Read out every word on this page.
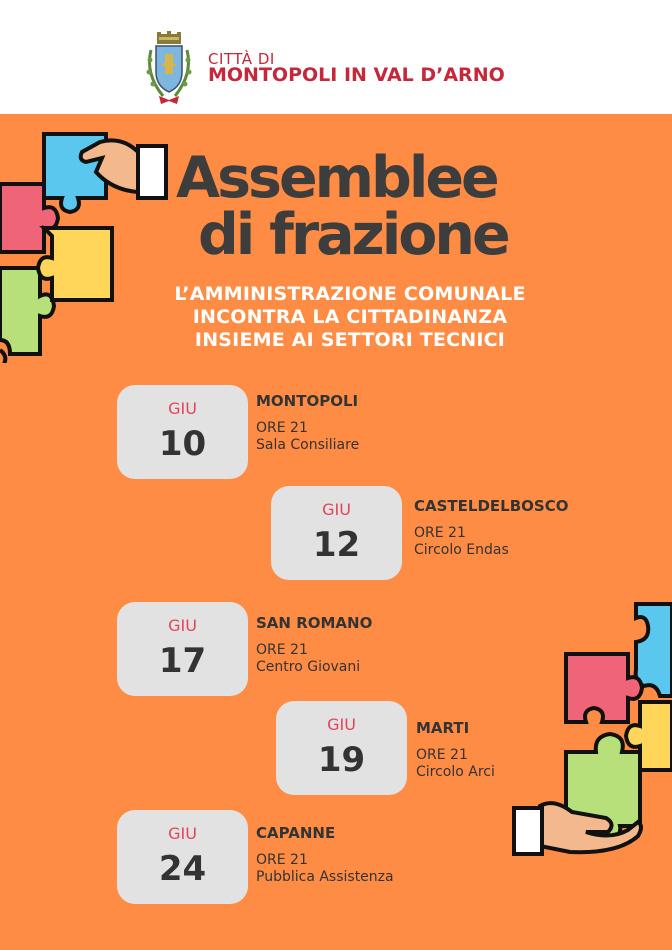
CITTÀ DI
MONTOPOLI IN VAL D’ARNO
Assemblee
di frazione
L’AMMINISTRAZIONE COMUNALE
INCONTRA LA CITTADINANZA
INSIEME AI SETTORI TECNICI
GIU
10
MONTOPOLI
ORE 21
Sala Consiliare
GIU
12
CASTELDELBOSCO
ORE 21
Circolo Endas
GIU
17
SAN ROMANO
ORE 21
Centro Giovani
GIU
19
MARTI
ORE 21
Circolo Arci
GIU
24
CAPANNE
ORE 21
Pubblica Assistenza
